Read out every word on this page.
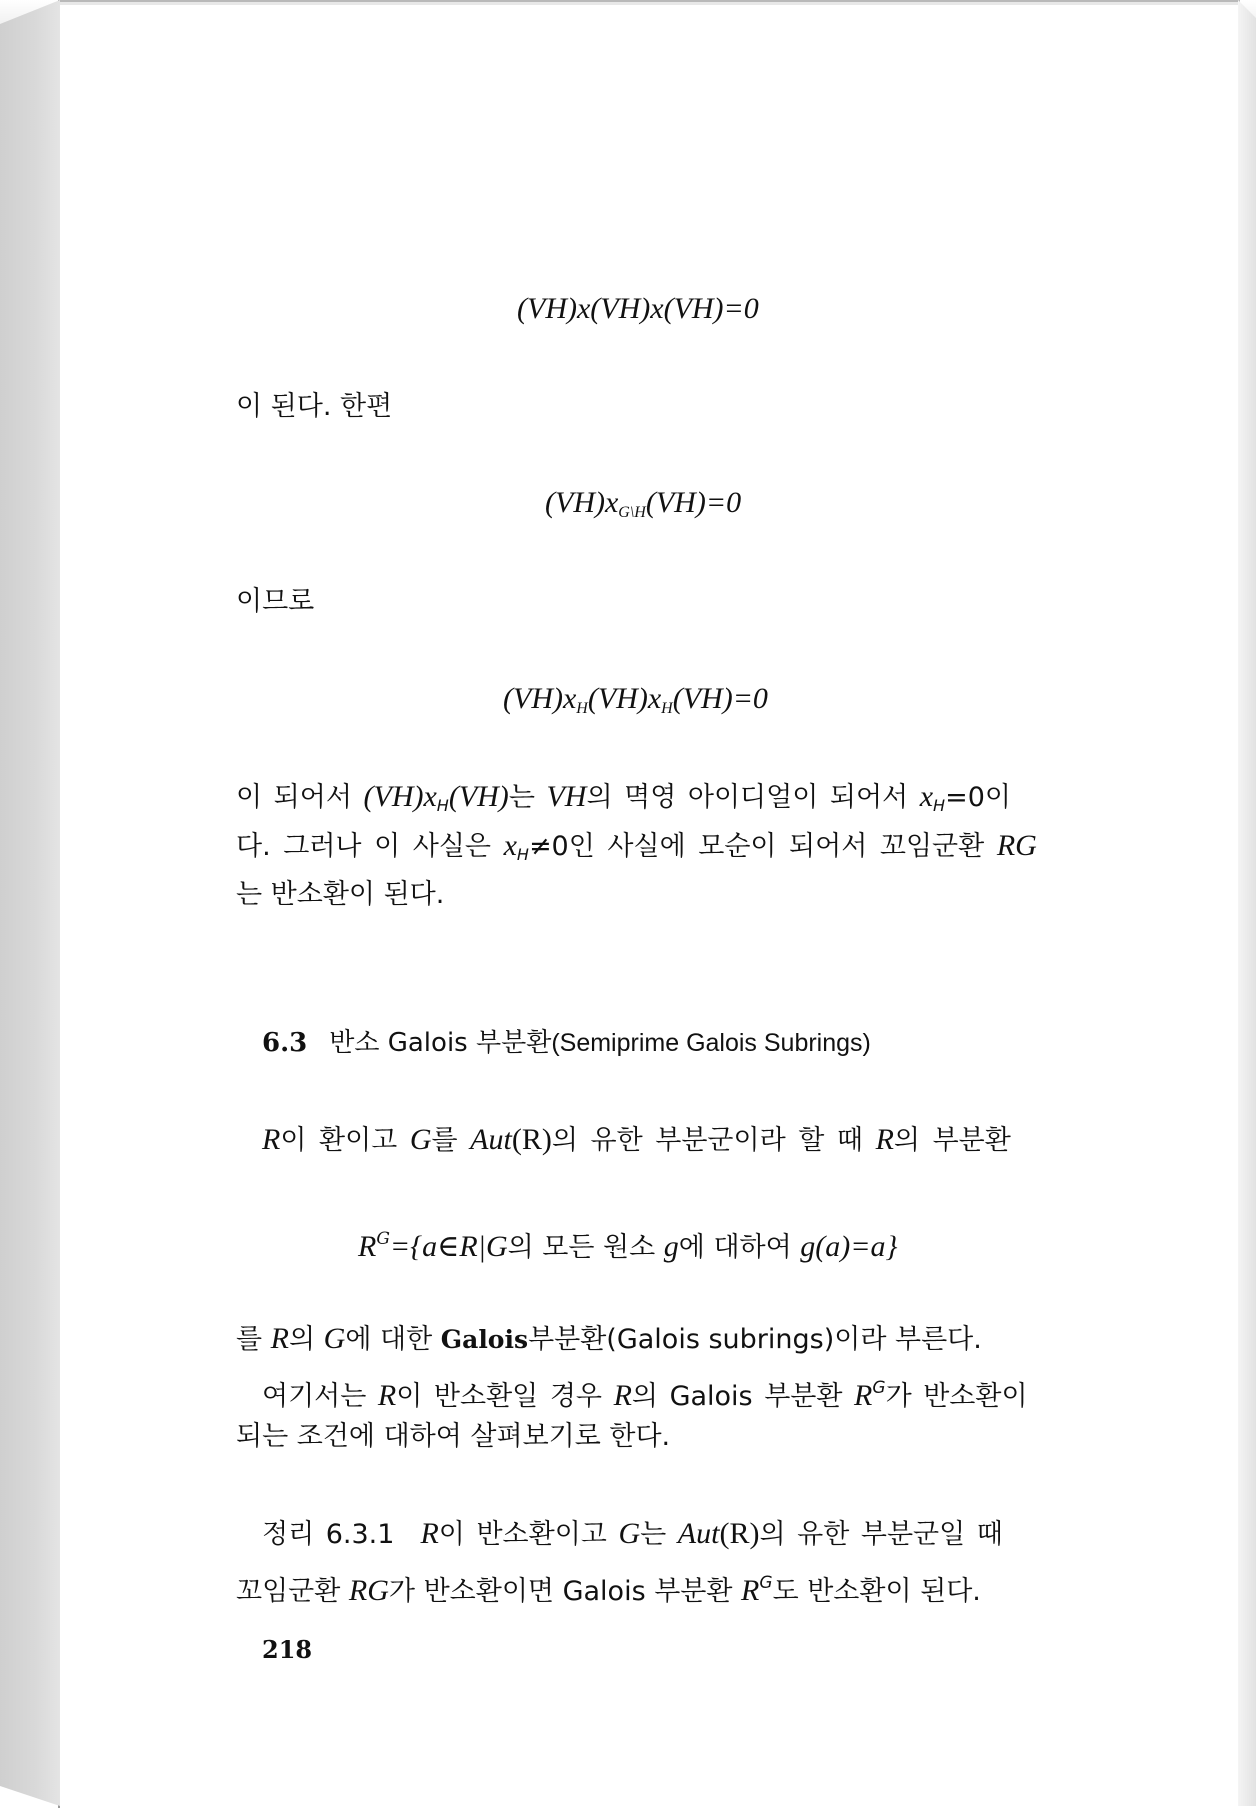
(VH)x(VH)x(VH)=0
이 된다. 한편
$(VH)x_{G\backslash H}(VH)=0$
이므로
$(VH)x_H(VH)x_H(VH)=0$
이 되어서 $(VH)x_H(VH)$는 VH의 멱영 아이디얼이 되어서 $x_H=0$이
다. 그러나 이 사실은 $x_H\ne 0$인 사실에 모순이 되어서 꼬임군환 RG
는 반소환이 된다.
6.3 반소 Galois 부분환(Semiprime Galois Subrings)
R이 환이고 G를 Aut(R)의 유한 부분군이라 할 때 R의 부분환
$R^G=\{a\in R|G$의 모든 원소 g에 대하여 g(a)=a}
를 R의 G에 대한 Galois부분환(Galois subrings)이라 부른다.
여기서는 R이 반소환일 경우 R의 Galois 부분환 $R^G$가 반소환이
되는 조건에 대하여 살펴보기로 한다.
정리 6.3.1 R이 반소환이고 G는 Aut(R)의 유한 부분군일 때
꼬임군환 RG가 반소환이면 Galois 부분환 $R^G$도 반소환이 된다.
218
